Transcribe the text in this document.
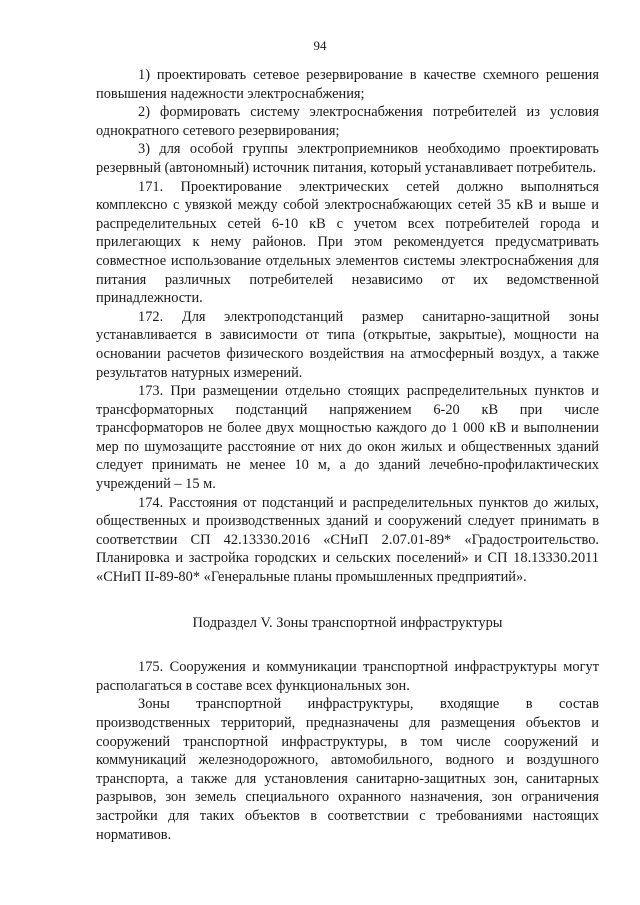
94

1) проектировать сетевое резервирование в качестве схемного решения повышения надежности электроснабжения;

2) формировать систему электроснабжения потребителей из условия однократного сетевого резервирования;

3) для особой группы электроприемников необходимо проектировать резервный (автономный) источник питания, который устанавливает потребитель.

171. Проектирование электрических сетей должно выполняться комплексно с увязкой между собой электроснабжающих сетей 35 кВ и выше и распределительных сетей 6-10 кВ с учетом всех потребителей города и прилегающих к нему районов. При этом рекомендуется предусматривать совместное использование отдельных элементов системы электроснабжения для питания различных потребителей независимо от их ведомственной принадлежности.

172. Для электроподстанций размер санитарно-защитной зоны устанавливается в зависимости от типа (открытые, закрытые), мощности на основании расчетов физического воздействия на атмосферный воздух, а также результатов натурных измерений.

173. При размещении отдельно стоящих распределительных пунктов и трансформаторных подстанций напряжением 6-20 кВ при числе трансформаторов не более двух мощностью каждого до 1 000 кВ и выполнении мер по шумозащите расстояние от них до окон жилых и общественных зданий следует принимать не менее 10 м, а до зданий лечебно-профилактических учреждений – 15 м.

174. Расстояния от подстанций и распределительных пунктов до жилых, общественных и производственных зданий и сооружений следует принимать в соответствии СП 42.13330.2016 «СНиП 2.07.01-89* «Градостроительство. Планировка и застройка городских и сельских поселений» и СП 18.13330.2011 «СНиП II-89-80* «Генеральные планы промышленных предприятий».

Подраздел V. Зоны транспортной инфраструктуры

175. Сооружения и коммуникации транспортной инфраструктуры могут располагаться в составе всех функциональных зон.

Зоны транспортной инфраструктуры, входящие в состав производственных территорий, предназначены для размещения объектов и сооружений транспортной инфраструктуры, в том числе сооружений и коммуникаций железнодорожного, автомобильного, водного и воздушного транспорта, а также для установления санитарно-защитных зон, санитарных разрывов, зон земель специального охранного назначения, зон ограничения застройки для таких объектов в соответствии с требованиями настоящих нормативов.
